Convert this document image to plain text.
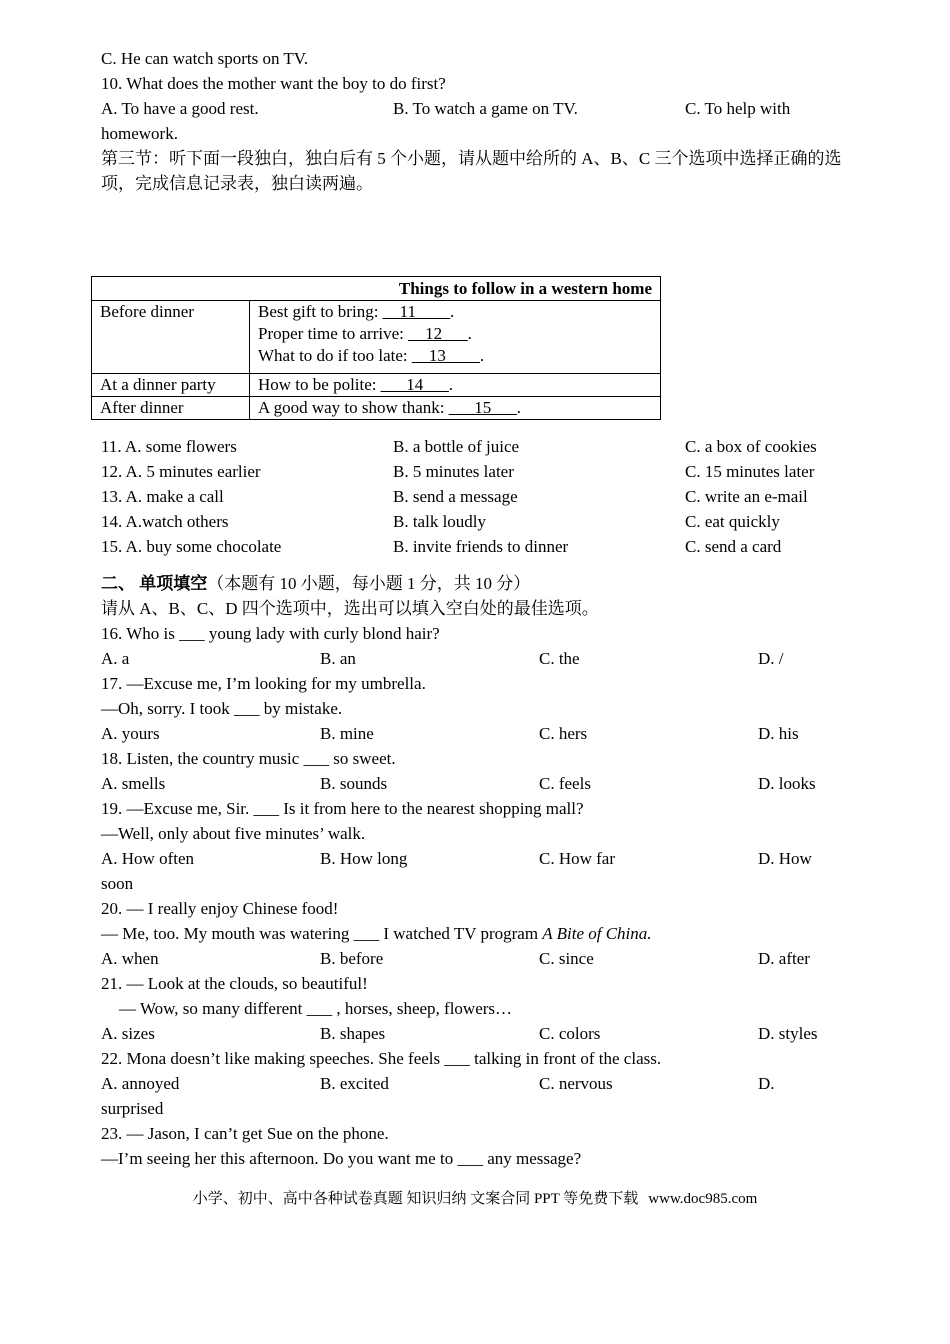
C. He can watch sports on TV.
10. What does the mother want the boy to do first?
A. To have a good rest.	B. To watch a game on TV.	C. To help with
homework.
第三节：听下面一段独白，独白后有 5 个小题，请从题中给所的 A、B、C 三个选项中选择正确的选项，完成信息记录表，独白读两遍。
Things to follow in a western home	
Before dinner	Best gift to bring: __11____.
Proper time to arrive: __12___.
What to do if too late: __13____.

At a dinner party	How to be polite: ___14___.
After dinner	A good way to show thank: ___15___.
11. A. some flowers	B. a bottle of juice	C. a box of cookies
12. A. 5 minutes earlier	B. 5 minutes later	C. 15 minutes later
13. A. make a call	B. send a message	C. write an e-mail
14. A.watch others	B. talk loudly	C. eat quickly
15. A. buy some chocolate	B. invite friends to dinner	C. send a card
二、 单项填空（本题有 10 小题，每小题 1 分，共 10 分）
请从 A、B、C、D 四个选项中，选出可以填入空白处的最佳选项。
16. Who is ___ young lady with curly blond hair?
A. a	B. an	C. the	D. /
17. —Excuse me, I’m looking for my umbrella.
—Oh, sorry. I took ___ by mistake.
A. yours	B. mine	C. hers	D. his
18. Listen, the country music ___ so sweet.
A. smells	B. sounds	C. feels	D. looks
19. —Excuse me, Sir. ___ Is it from here to the nearest shopping mall?
—Well, only about five minutes’ walk.
A. How often	B. How long	C. How far	D. How
soon
20. — I really enjoy Chinese food!
— Me, too. My mouth was watering ___ I watched TV program A Bite of China.
A. when	B. before	C. since	D. after
21. — Look at the clouds, so beautiful!
— Wow, so many different ___ , horses, sheep, flowers…
A. sizes	B. shapes	C. colors	D. styles
22. Mona doesn’t like making speeches. She feels ___ talking in front of the class.
A. annoyed	B. excited	C. nervous	D.
surprised
23. — Jason, I can’t get Sue on the phone.
—I’m seeing her this afternoon. Do you want me to ___ any message?
小学、初中、高中各种试卷真题 知识归纳 文案合同 PPT 等免费下载 www.doc985.com
